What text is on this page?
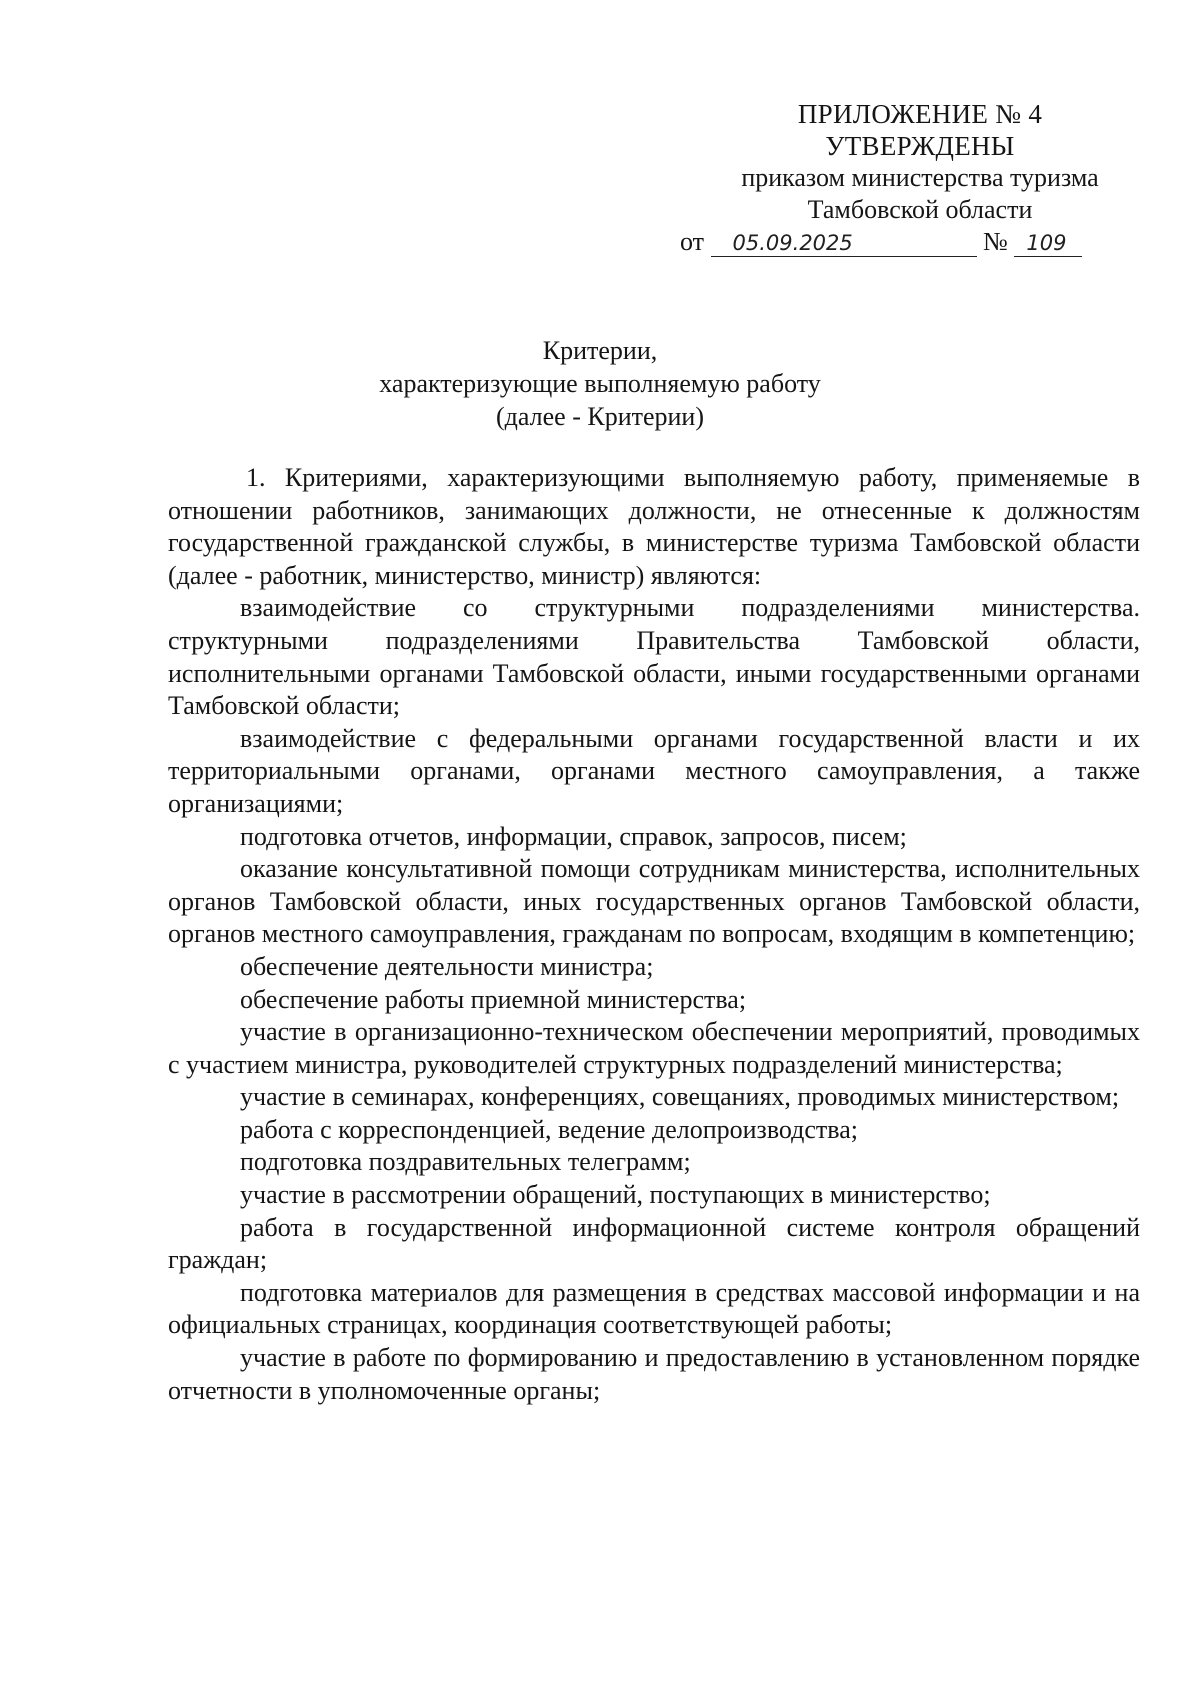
ПРИЛОЖЕНИЕ № 4
УТВЕРЖДЕНЫ
приказом министерства туризма
Тамбовской области
от 05.09.2025	№ 109
Критерии,
характеризующие выполняемую работу
(далее - Критерии)

1. Критериями, характеризующими выполняемую работу, применяемые в отношении работников, занимающих должности, не отнесенные к должностям государственной гражданской службы, в министерстве туризма Тамбовской области (далее - работник, министерство, министр) являются:

взаимодействие со структурными подразделениями министерства. структурными подразделениями Правительства Тамбовской области, исполнительными органами Тамбовской области, иными государственными органами Тамбовской области;

взаимодействие с федеральными органами государственной власти и их территориальными органами, органами местного самоуправления, а также организациями;

подготовка отчетов, информации, справок, запросов, писем;

оказание консультативной помощи сотрудникам министерства, исполнительных органов Тамбовской области, иных государственных органов Тамбовской области, органов местного самоуправления, гражданам по вопросам, входящим в компетенцию;

обеспечение деятельности министра;

обеспечение работы приемной министерства;

участие в организационно-техническом обеспечении мероприятий, проводимых с участием министра, руководителей структурных подразделений министерства;

участие в семинарах, конференциях, совещаниях, проводимых министерством;

работа с корреспонденцией, ведение делопроизводства;

подготовка поздравительных телеграмм;

участие в рассмотрении обращений, поступающих в министерство;

работа в государственной информационной системе контроля обращений граждан;

подготовка материалов для размещения в средствах массовой информации и на официальных страницах, координация соответствующей работы;

участие в работе по формированию и предоставлению в установленном порядке отчетности в уполномоченные органы;
